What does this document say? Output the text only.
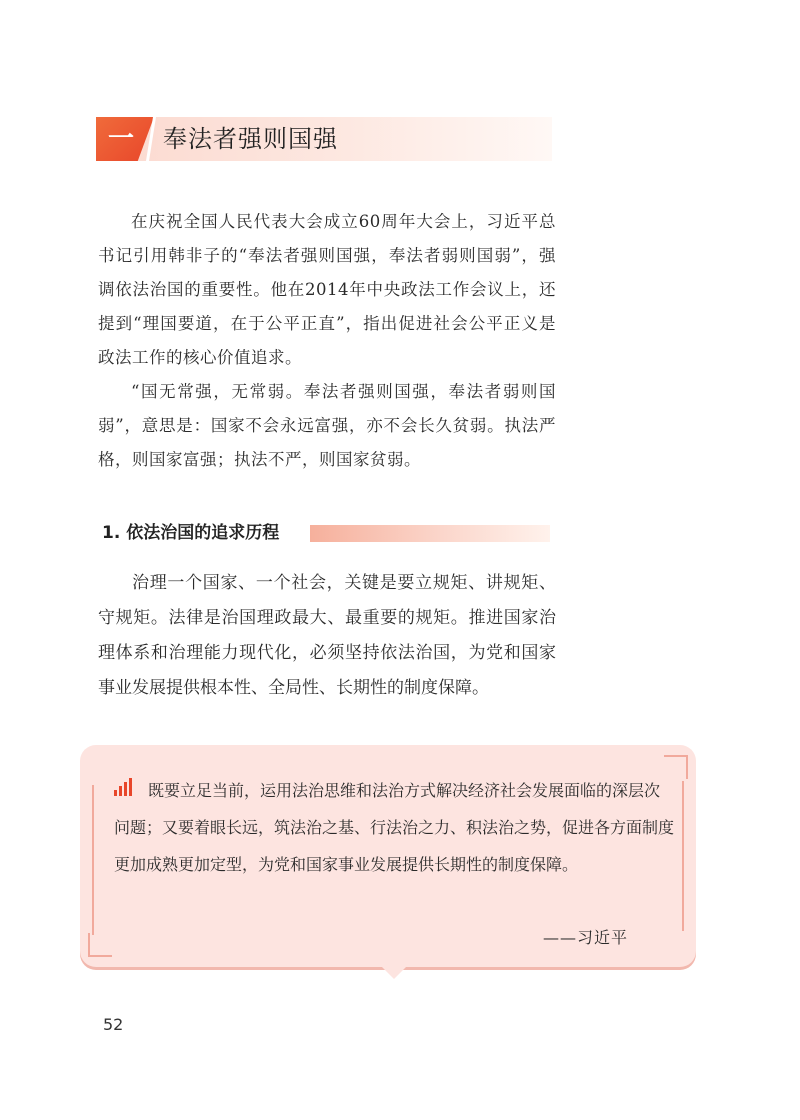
一 奉法者强则国强

在庆祝全国人民代表大会成立60周年大会上，习近平总书记引用韩非子的“奉法者强则国强，奉法者弱则国弱”，强调依法治国的重要性。他在2014年中央政法工作会议上，还提到“理国要道，在于公平正直”，指出促进社会公平正义是政法工作的核心价值追求。

“国无常强，无常弱。奉法者强则国强，奉法者弱则国弱”，意思是：国家不会永远富强，亦不会长久贫弱。执法严格，则国家富强；执法不严，则国家贫弱。

1. 依法治国的追求历程

治理一个国家、一个社会，关键是要立规矩、讲规矩、守规矩。法律是治国理政最大、最重要的规矩。推进国家治理体系和治理能力现代化，必须坚持依法治国，为党和国家事业发展提供根本性、全局性、长期性的制度保障。

既要立足当前，运用法治思维和法治方式解决经济社会发展面临的深层次问题；又要着眼长远，筑法治之基、行法治之力、积法治之势，促进各方面制度更加成熟更加定型，为党和国家事业发展提供长期性的制度保障。

——习近平
52
